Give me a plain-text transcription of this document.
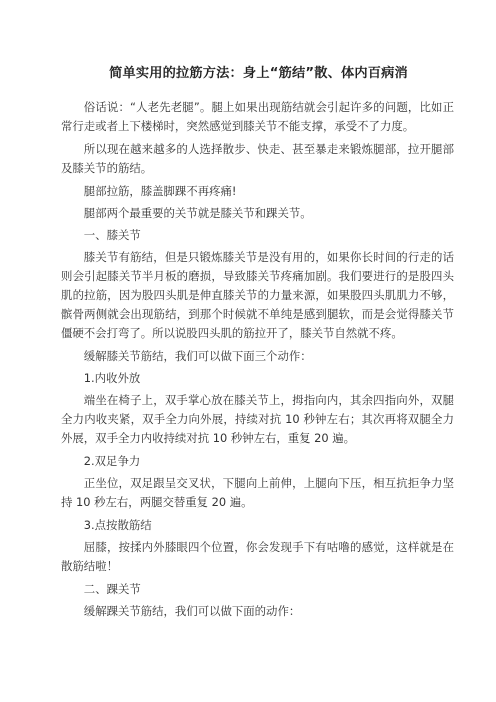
简单实用的拉筋方法：身上“筋结”散、体内百病消

俗话说：“人老先老腿”。腿上如果出现筋结就会引起许多的问题，比如正常行走或者上下楼梯时，突然感觉到膝关节不能支撑，承受不了力度。

所以现在越来越多的人选择散步、快走、甚至暴走来锻炼腿部，拉开腿部及膝关节的筋结。

腿部拉筋，膝盖脚踝不再疼痛!

腿部两个最重要的关节就是膝关节和踝关节。

一、膝关节

膝关节有筋结，但是只锻炼膝关节是没有用的，如果你长时间的行走的话则会引起膝关节半月板的磨损，导致膝关节疼痛加剧。我们要进行的是股四头肌的拉筋，因为股四头肌是伸直膝关节的力量来源，如果股四头肌肌力不够，髌骨两侧就会出现筋结，到那个时候就不单纯是感到腿软，而是会觉得膝关节僵硬不会打弯了。所以说股四头肌的筋拉开了，膝关节自然就不疼。

缓解膝关节筋结，我们可以做下面三个动作：

1.内收外放

端坐在椅子上，双手掌心放在膝关节上，拇指向内，其余四指向外，双腿全力内收夹紧，双手全力向外展，持续对抗 10 秒钟左右；其次再将双腿全力外展，双手全力内收持续对抗 10 秒钟左右，重复 20 遍。

2.双足争力

正坐位，双足跟呈交叉状，下腿向上前伸，上腿向下压，相互抗拒争力坚持 10 秒左右，两腿交替重复 20 遍。

3.点按散筋结

屈膝，按揉内外膝眼四个位置，你会发现手下有咕噜的感觉，这样就是在散筋结啦！

二、踝关节

缓解踝关节筋结，我们可以做下面的动作：
